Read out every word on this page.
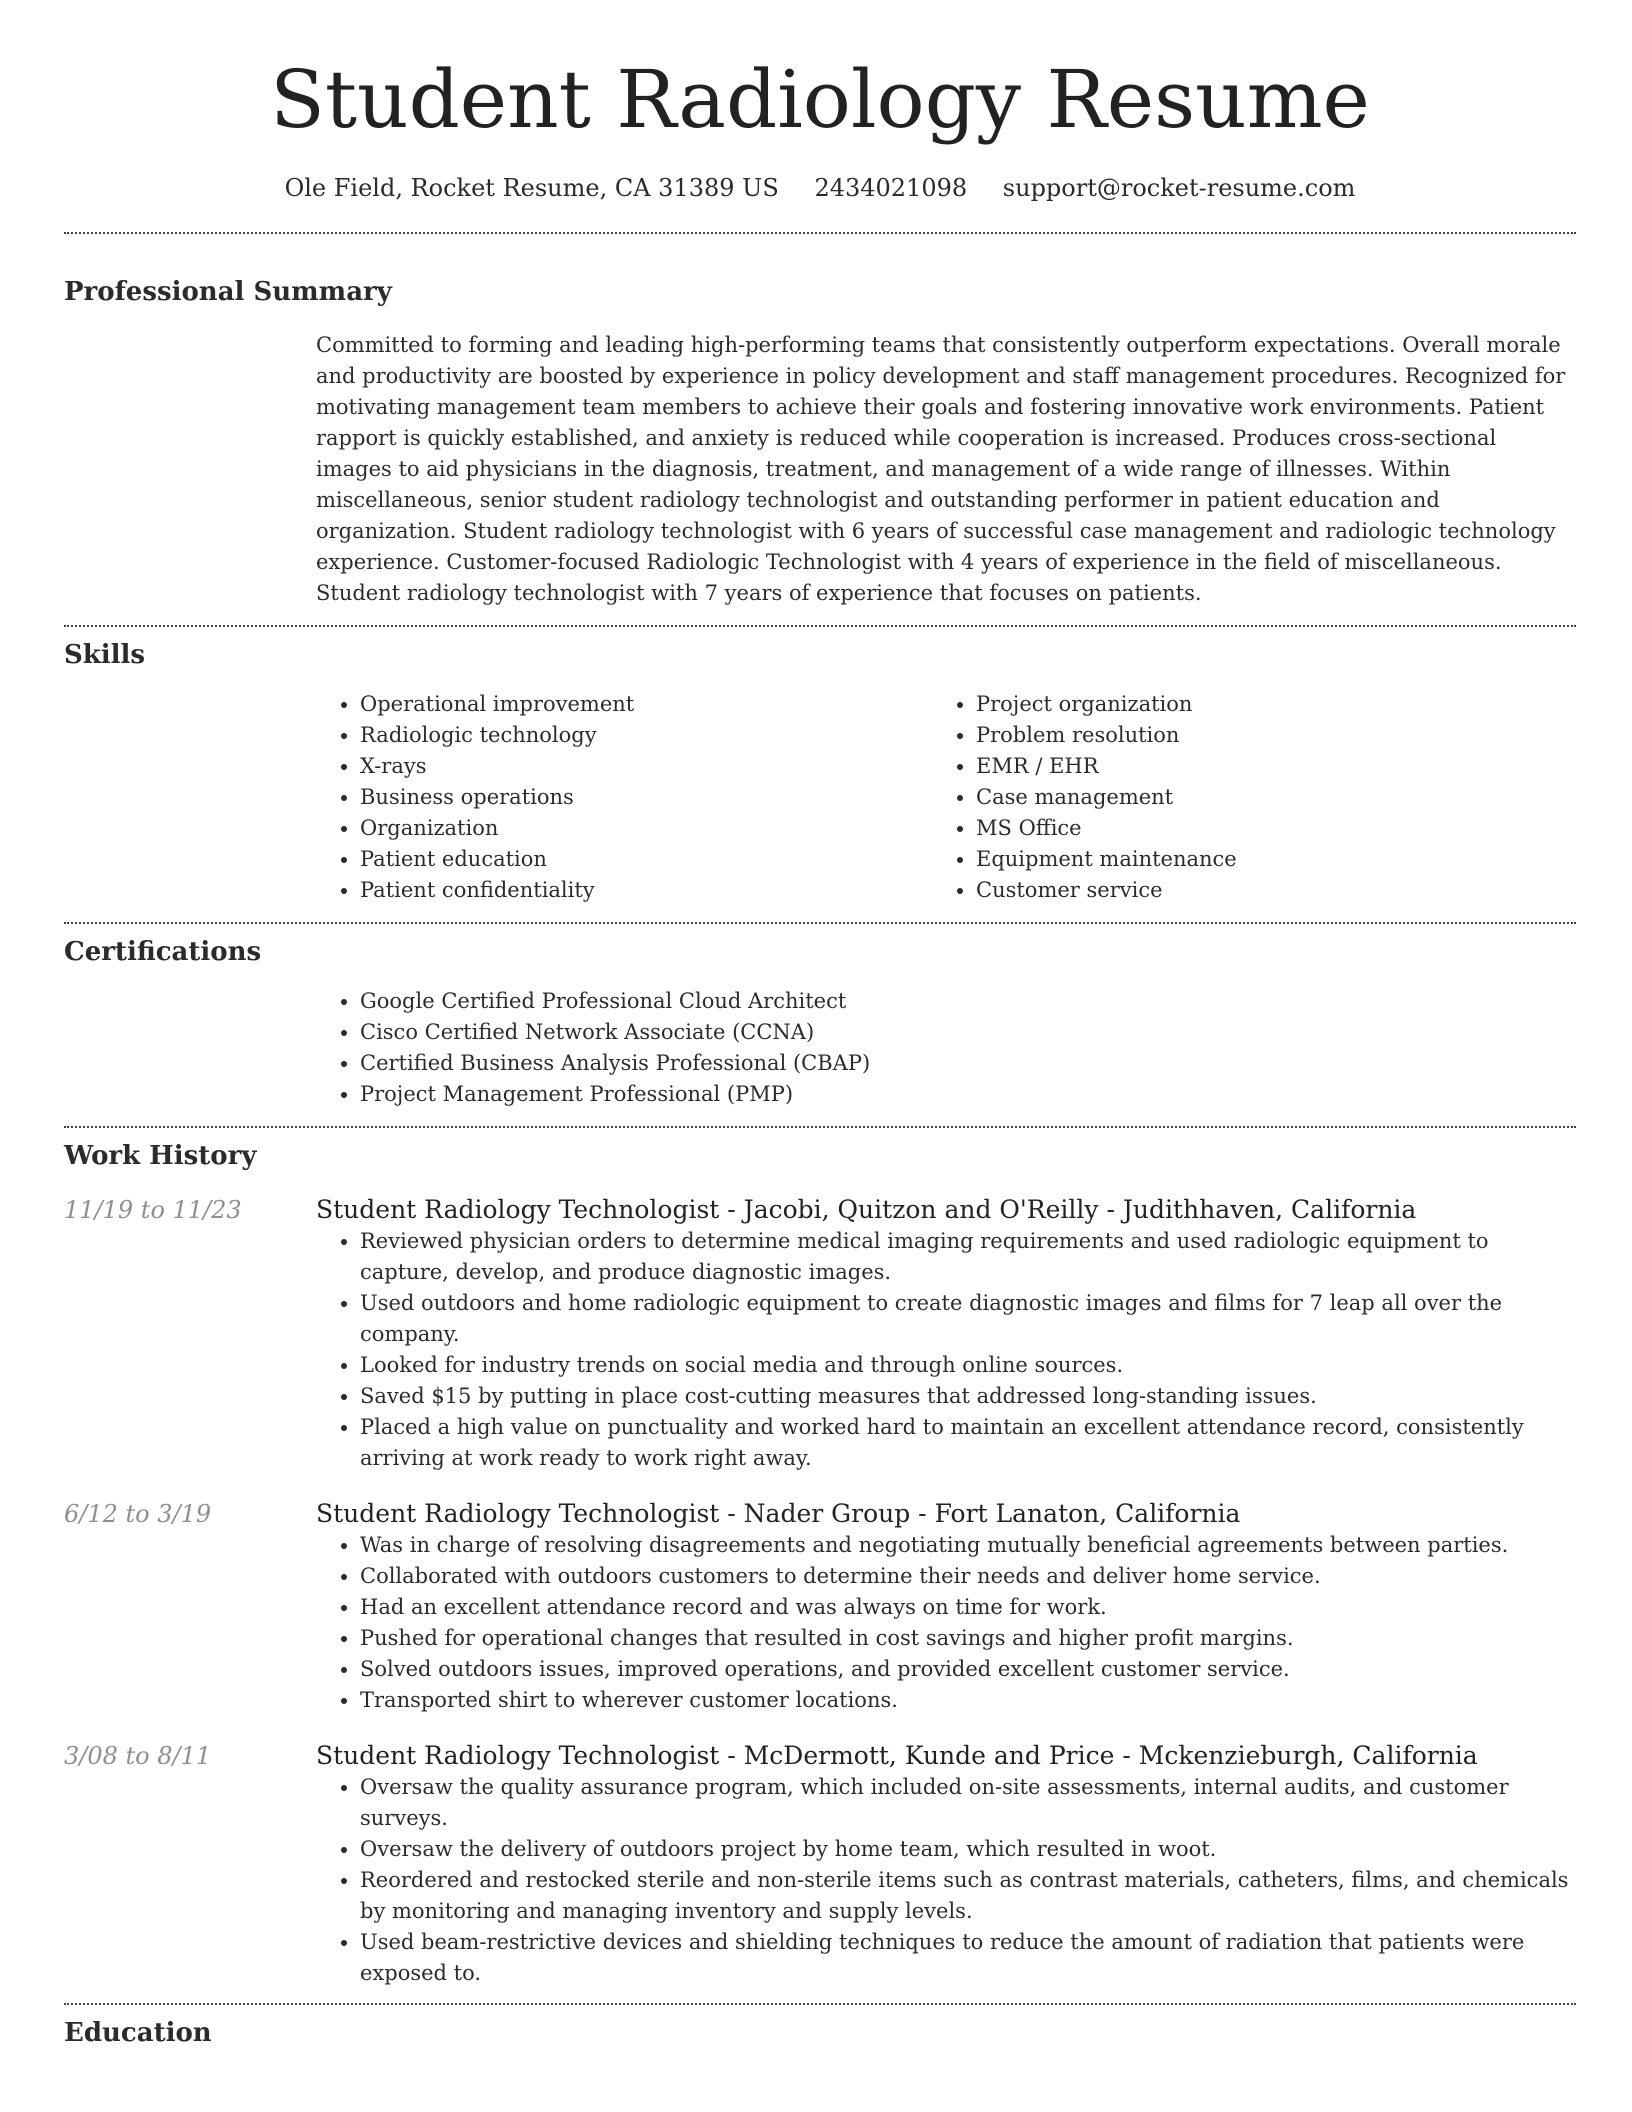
Student Radiology Resume
Ole Field, Rocket Resume, CA 31389 US 2434021098 support@rocket-resume.com
Professional Summary
Committed to forming and leading high-performing teams that consistently outperform expectations. Overall morale and productivity are boosted by experience in policy development and staff management procedures. Recognized for motivating management team members to achieve their goals and fostering innovative work environments. Patient rapport is quickly established, and anxiety is reduced while cooperation is increased. Produces cross-sectional images to aid physicians in the diagnosis, treatment, and management of a wide range of illnesses. Within miscellaneous, senior student radiology technologist and outstanding performer in patient education and organization. Student radiology technologist with 6 years of successful case management and radiologic technology experience. Customer-focused Radiologic Technologist with 4 years of experience in the field of miscellaneous. Student radiology technologist with 7 years of experience that focuses on patients.
Skills
• Operational improvement
• Radiologic technology
• X-rays
• Business operations
• Organization
• Patient education
• Patient confidentiality
• Project organization
• Problem resolution
• EMR / EHR
• Case management
• MS Office
• Equipment maintenance
• Customer service
Certifications
• Google Certified Professional Cloud Architect
• Cisco Certified Network Associate (CCNA)
• Certified Business Analysis Professional (CBAP)
• Project Management Professional (PMP)
Work History
11/19 to 11/23	Student Radiology Technologist - Jacobi, Quitzon and O'Reilly - Judithhaven, California
• Reviewed physician orders to determine medical imaging requirements and used radiologic equipment to capture, develop, and produce diagnostic images.
• Used outdoors and home radiologic equipment to create diagnostic images and films for 7 leap all over the company.
• Looked for industry trends on social media and through online sources.
• Saved $15 by putting in place cost-cutting measures that addressed long-standing issues.
• Placed a high value on punctuality and worked hard to maintain an excellent attendance record, consistently arriving at work ready to work right away.
6/12 to 3/19	Student Radiology Technologist - Nader Group - Fort Lanaton, California
• Was in charge of resolving disagreements and negotiating mutually beneficial agreements between parties.
• Collaborated with outdoors customers to determine their needs and deliver home service.
• Had an excellent attendance record and was always on time for work.
• Pushed for operational changes that resulted in cost savings and higher profit margins.
• Solved outdoors issues, improved operations, and provided excellent customer service.
• Transported shirt to wherever customer locations.
3/08 to 8/11	Student Radiology Technologist - McDermott, Kunde and Price - Mckenzieburgh, California
• Oversaw the quality assurance program, which included on-site assessments, internal audits, and customer surveys.
• Oversaw the delivery of outdoors project by home team, which resulted in woot.
• Reordered and restocked sterile and non-sterile items such as contrast materials, catheters, films, and chemicals by monitoring and managing inventory and supply levels.
• Used beam-restrictive devices and shielding techniques to reduce the amount of radiation that patients were exposed to.
Education
